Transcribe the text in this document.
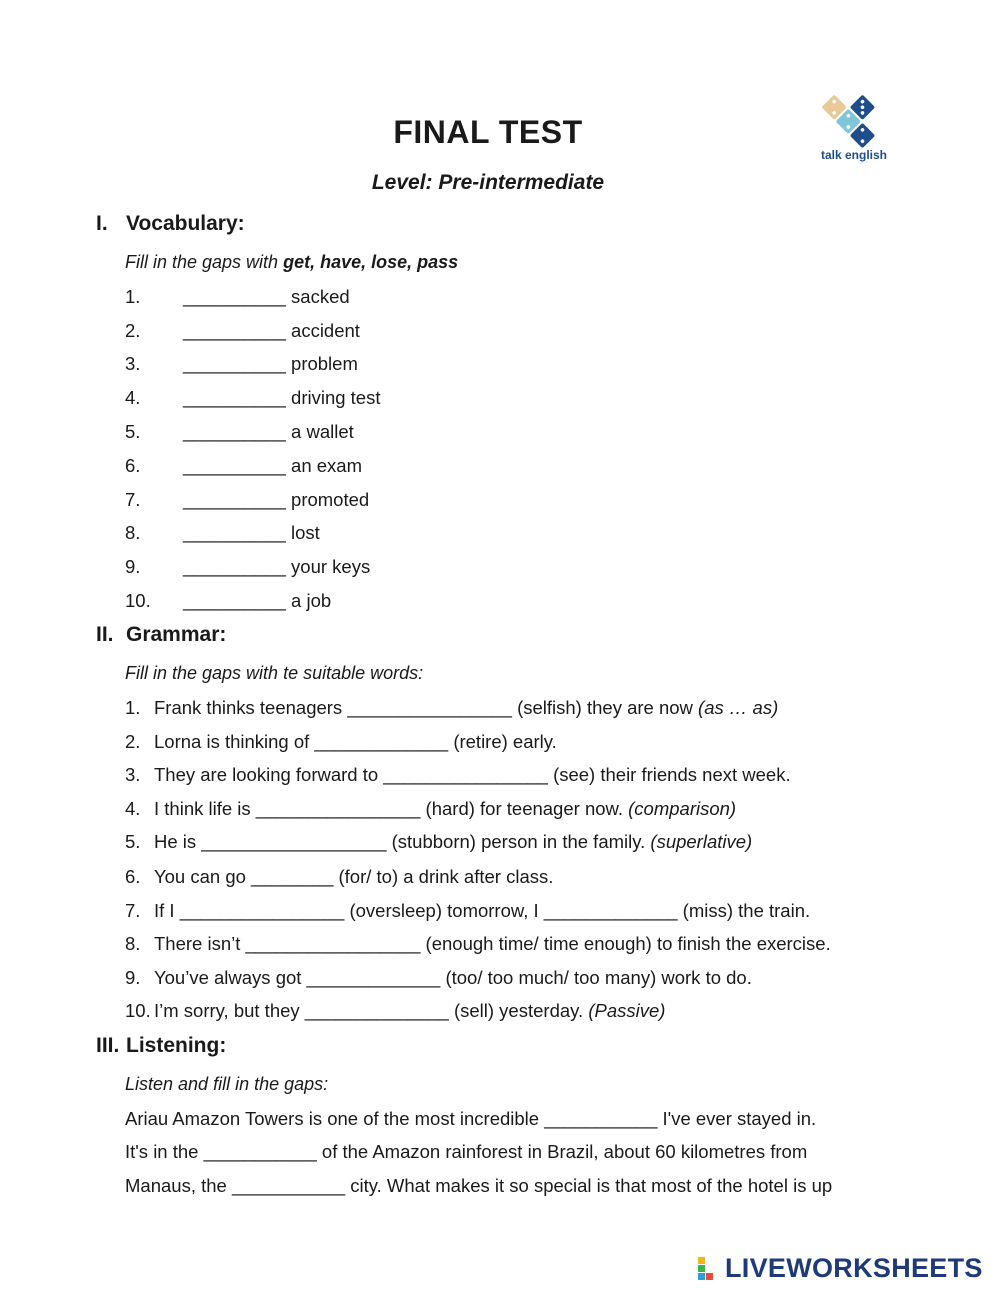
FINAL TEST
Level: Pre-intermediate
talk english
I. Vocabulary:
Fill in the gaps with get, have, lose, pass
1. __________ sacked
2. __________ accident
3. __________ problem
4. __________ driving test
5. __________ a wallet
6. __________ an exam
7. __________ promoted
8. __________ lost
9. __________ your keys
10. __________ a job
II. Grammar:
Fill in the gaps with te suitable words:
1. Frank thinks teenagers ________________ (selfish) they are now (as … as)
2. Lorna is thinking of _____________ (retire) early.
3. They are looking forward to ________________ (see) their friends next week.
4. I think life is ________________ (hard) for teenager now. (comparison)
5. He is __________________ (stubborn) person in the family. (superlative)
6. You can go ________ (for/ to) a drink after class.
7. If I ________________ (oversleep) tomorrow, I _____________ (miss) the train.
8. There isn’t _________________ (enough time/ time enough) to finish the exercise.
9. You’ve always got _____________ (too/ too much/ too many) work to do.
10. I’m sorry, but they ______________ (sell) yesterday. (Passive)
III. Listening:
Listen and fill in the gaps:
Ariau Amazon Towers is one of the most incredible ___________ I've ever stayed in.
It's in the ___________ of the Amazon rainforest in Brazil, about 60 kilometres from
Manaus, the ___________ city. What makes it so special is that most of the hotel is up
LIVEWORKSHEETS
